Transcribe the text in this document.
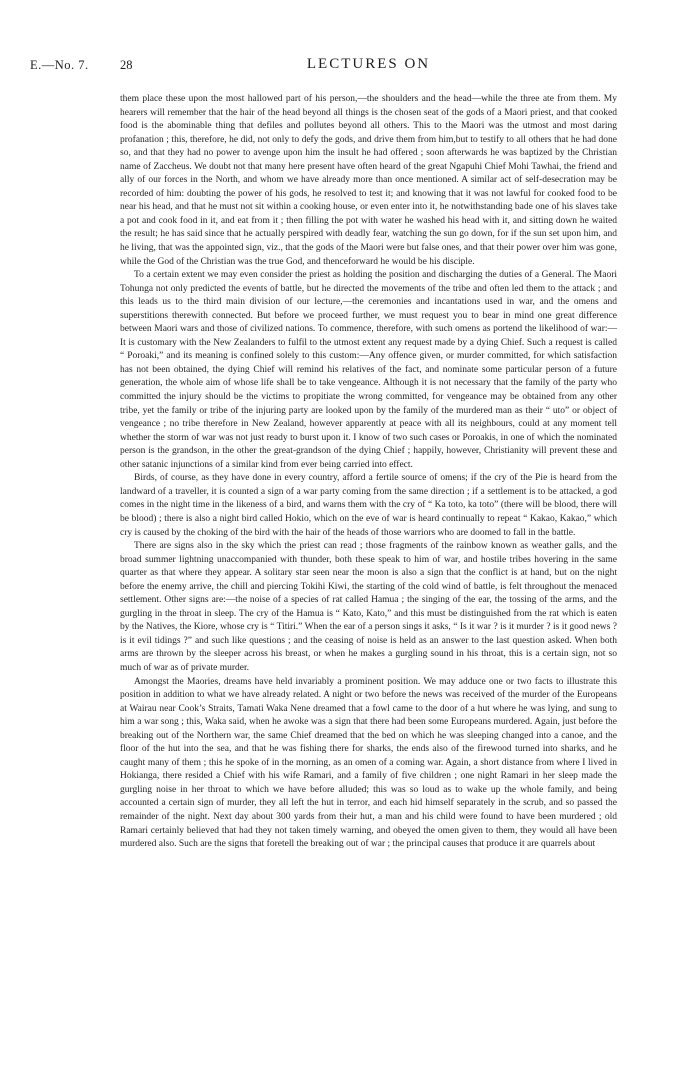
E.—No. 7.	28	LECTURES ON

them place these upon the most hallowed part of his person,—the shoulders and the head—while the three ate from them. My hearers will remember that the hair of the head beyond all things is the chosen seat of the gods of a Maori priest, and that cooked food is the abominable thing that defiles and pollutes beyond all others. This to the Maori was the utmost and most daring profanation ; this, therefore, he did, not only to defy the gods, and drive them from him,but to testify to all others that he had done so, and that they had no power to avenge upon him the insult he had offered ; soon afterwards he was baptized by the Christian name of Zaccheus. We doubt not that many here present have often heard of the great Ngapuhi Chief Mohi Tawhai, the friend and ally of our forces in the North, and whom we have already more than once mentioned. A similar act of self-desecration may be recorded of him: doubting the power of his gods, he resolved to test it; and knowing that it was not lawful for cooked food to be near his head, and that he must not sit within a cooking house, or even enter into it, he notwithstanding bade one of his slaves take a pot and cook food in it, and eat from it ; then filling the pot with water he washed his head with it, and sitting down he waited the result; he has said since that he actually perspired with deadly fear, watching the sun go down, for if the sun set upon him, and he living, that was the appointed sign, viz., that the gods of the Maori were but false ones, and that their power over him was gone, while the God of the Christian was the true God, and thenceforward he would be his disciple.

To a certain extent we may even consider the priest as holding the position and discharging the duties of a General. The Maori Tohunga not only predicted the events of battle, but he directed the movements of the tribe and often led them to the attack ; and this leads us to the third main division of our lecture,—the ceremonies and incantations used in war, and the omens and superstitions therewith connected. But before we proceed further, we must request you to bear in mind one great difference between Maori wars and those of civilized nations. To commence, therefore, with such omens as portend the likelihood of war:—It is customary with the New Zealanders to fulfil to the utmost extent any request made by a dying Chief. Such a request is called “ Poroaki,” and its meaning is confined solely to this custom:—Any offence given, or murder committed, for which satisfaction has not been obtained, the dying Chief will remind his relatives of the fact, and nominate some particular person of a future generation, the whole aim of whose life shall be to take vengeance. Although it is not necessary that the family of the party who committed the injury should be the victims to propitiate the wrong committed, for vengeance may be obtained from any other tribe, yet the family or tribe of the injuring party are looked upon by the family of the murdered man as their “ uto” or object of vengeance ; no tribe therefore in New Zealand, however apparently at peace with all its neighbours, could at any moment tell whether the storm of war was not just ready to burst upon it. I know of two such cases or Poroakis, in one of which the nominated person is the grandson, in the other the great-grandson of the dying Chief ; happily, however, Christianity will prevent these and other satanic injunctions of a similar kind from ever being carried into effect.

Birds, of course, as they have done in every country, afford a fertile source of omens; if the cry of the Pie is heard from the landward of a traveller, it is counted a sign of a war party coming from the same direction ; if a settlement is to be attacked, a god comes in the night time in the likeness of a bird, and warns them with the cry of “ Ka toto, ka toto” (there will be blood, there will be blood) ; there is also a night bird called Hokio, which on the eve of war is heard continually to repeat “ Kakao, Kakao,” which cry is caused by the choking of the bird with the hair of the heads of those warriors who are doomed to fall in the battle.

There are signs also in the sky which the priest can read ; those fragments of the rainbow known as weather galls, and the broad summer lightning unaccompanied with thunder, both these speak to him of war, and hostile tribes hovering in the same quarter as that where they appear. A solitary star seen near the moon is also a sign that the conflict is at hand, but on the night before the enemy arrive, the chill and piercing Tokihi Kiwi, the starting of the cold wind of battle, is felt throughout the menaced settlement. Other signs are:—the noise of a species of rat called Hamua ; the singing of the ear, the tossing of the arms, and the gurgling in the throat in sleep. The cry of the Hamua is “ Kato, Kato,” and this must be distinguished from the rat which is eaten by the Natives, the Kiore, whose cry is “ Titiri.” When the ear of a person sings it asks, “ Is it war ? is it murder ? is it good news ? is it evil tidings ?” and such like questions ; and the ceasing of noise is held as an answer to the last question asked. When both arms are thrown by the sleeper across his breast, or when he makes a gurgling sound in his throat, this is a certain sign, not so much of war as of private murder.

Amongst the Maories, dreams have held invariably a prominent position. We may adduce one or two facts to illustrate this position in addition to what we have already related. A night or two before the news was received of the murder of the Europeans at Wairau near Cook’s Straits, Tamati Waka Nene dreamed that a fowl came to the door of a hut where he was lying, and sung to him a war song ; this, Waka said, when he awoke was a sign that there had been some Europeans murdered. Again, just before the breaking out of the Northern war, the same Chief dreamed that the bed on which he was sleeping changed into a canoe, and the floor of the hut into the sea, and that he was fishing there for sharks, the ends also of the firewood turned into sharks, and he caught many of them ; this he spoke of in the morning, as an omen of a coming war. Again, a short distance from where I lived in Hokianga, there resided a Chief with his wife Ramari, and a family of five children ; one night Ramari in her sleep made the gurgling noise in her throat to which we have before alluded; this was so loud as to wake up the whole family, and being accounted a certain sign of murder, they all left the hut in terror, and each hid himself separately in the scrub, and so passed the remainder of the night. Next day about 300 yards from their hut, a man and his child were found to have been murdered ; old Ramari certainly believed that had they not taken timely warning, and obeyed the omen given to them, they would all have been murdered also. Such are the signs that foretell the breaking out of war ; the principal causes that produce it are quarrels about
